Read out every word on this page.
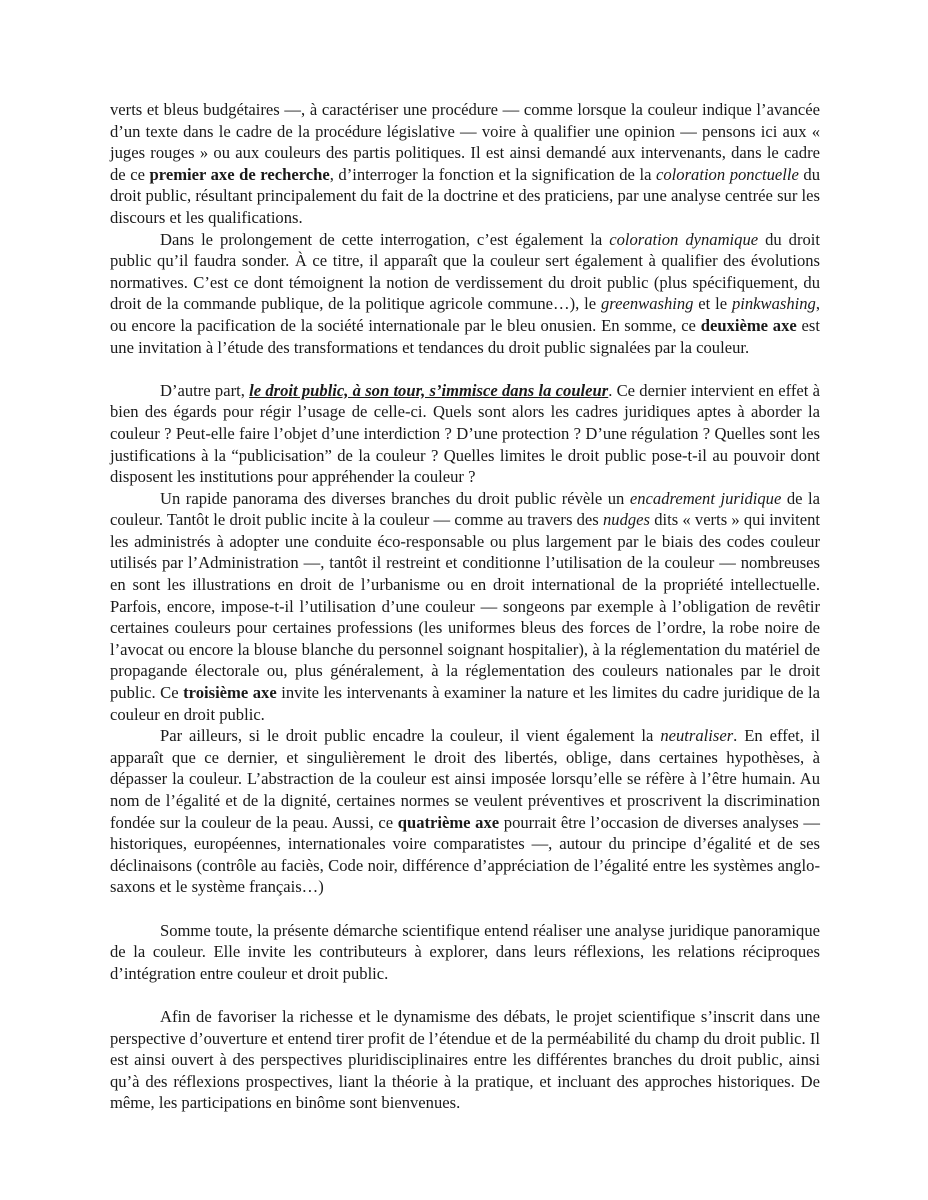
verts et bleus budgétaires —, à caractériser une procédure — comme lorsque la couleur indique l’avancée d’un texte dans le cadre de la procédure législative — voire à qualifier une opinion — pensons ici aux « juges rouges » ou aux couleurs des partis politiques. Il est ainsi demandé aux intervenants, dans le cadre de ce premier axe de recherche, d’interroger la fonction et la signification de la coloration ponctuelle du droit public, résultant principalement du fait de la doctrine et des praticiens, par une analyse centrée sur les discours et les qualifications.

Dans le prolongement de cette interrogation, c’est également la coloration dynamique du droit public qu’il faudra sonder. À ce titre, il apparaît que la couleur sert également à qualifier des évolutions normatives. C’est ce dont témoignent la notion de verdissement du droit public (plus spécifiquement, du droit de la commande publique, de la politique agricole commune…), le greenwashing et le pinkwashing, ou encore la pacification de la société internationale par le bleu onusien. En somme, ce deuxième axe est une invitation à l’étude des transformations et tendances du droit public signalées par la couleur.

D’autre part, le droit public, à son tour, s’immisce dans la couleur. Ce dernier intervient en effet à bien des égards pour régir l’usage de celle-ci. Quels sont alors les cadres juridiques aptes à aborder la couleur ? Peut-elle faire l’objet d’une interdiction ? D’une protection ? D’une régulation ? Quelles sont les justifications à la “publicisation” de la couleur ? Quelles limites le droit public pose-t-il au pouvoir dont disposent les institutions pour appréhender la couleur ?

Un rapide panorama des diverses branches du droit public révèle un encadrement juridique de la couleur. Tantôt le droit public incite à la couleur — comme au travers des nudges dits « verts » qui invitent les administrés à adopter une conduite éco-responsable ou plus largement par le biais des codes couleur utilisés par l’Administration —, tantôt il restreint et conditionne l’utilisation de la couleur — nombreuses en sont les illustrations en droit de l’urbanisme ou en droit international de la propriété intellectuelle. Parfois, encore, impose-t-il l’utilisation d’une couleur — songeons par exemple à l’obligation de revêtir certaines couleurs pour certaines professions (les uniformes bleus des forces de l’ordre, la robe noire de l’avocat ou encore la blouse blanche du personnel soignant hospitalier), à la réglementation du matériel de propagande électorale ou, plus généralement, à la réglementation des couleurs nationales par le droit public. Ce troisième axe invite les intervenants à examiner la nature et les limites du cadre juridique de la couleur en droit public.

Par ailleurs, si le droit public encadre la couleur, il vient également la neutraliser. En effet, il apparaît que ce dernier, et singulièrement le droit des libertés, oblige, dans certaines hypothèses, à dépasser la couleur. L’abstraction de la couleur est ainsi imposée lorsqu’elle se réfère à l’être humain. Au nom de l’égalité et de la dignité, certaines normes se veulent préventives et proscrivent la discrimination fondée sur la couleur de la peau. Aussi, ce quatrième axe pourrait être l’occasion de diverses analyses — historiques, européennes, internationales voire comparatistes —, autour du principe d’égalité et de ses déclinaisons (contrôle au faciès, Code noir, différence d’appréciation de l’égalité entre les systèmes anglo-saxons et le système français…)

Somme toute, la présente démarche scientifique entend réaliser une analyse juridique panoramique de la couleur. Elle invite les contributeurs à explorer, dans leurs réflexions, les relations réciproques d’intégration entre couleur et droit public.

Afin de favoriser la richesse et le dynamisme des débats, le projet scientifique s’inscrit dans une perspective d’ouverture et entend tirer profit de l’étendue et de la perméabilité du champ du droit public. Il est ainsi ouvert à des perspectives pluridisciplinaires entre les différentes branches du droit public, ainsi qu’à des réflexions prospectives, liant la théorie à la pratique, et incluant des approches historiques. De même, les participations en binôme sont bienvenues.
